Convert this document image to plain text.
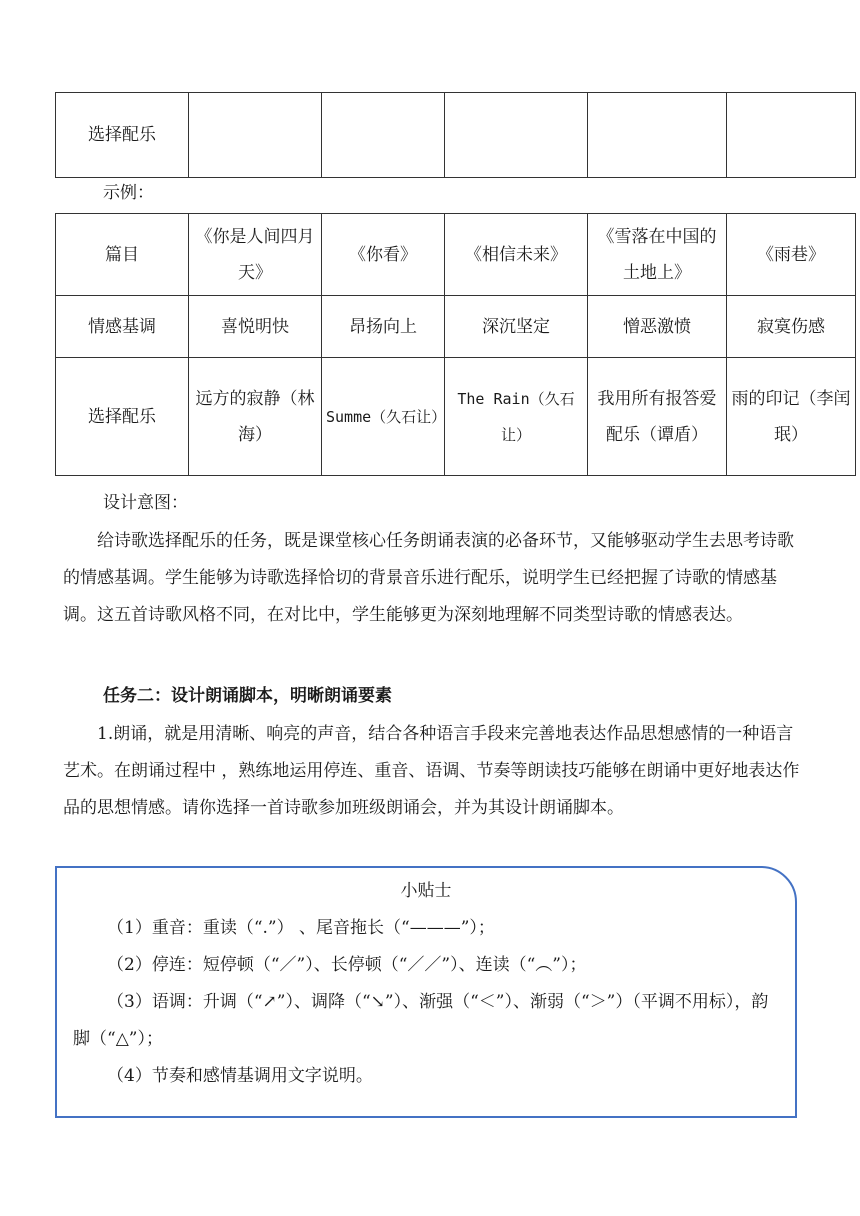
选择配乐					
示例：
篇目	《你是人间四月天》	《你看》	《相信未来》	《雪落在中国的土地上》	《雨巷》
情感基调	喜悦明快	昂扬向上	深沉坚定	憎恶激愤	寂寞伤感
选择配乐	远方的寂静（林海）	Summe（久石让）	The Rain（久石让）	我用所有报答爱配乐（谭盾）	雨的印记（李闰珉）
设计意图：

给诗歌选择配乐的任务，既是课堂核心任务朗诵表演的必备环节，又能够驱动学生去思考诗歌的情感基调。学生能够为诗歌选择恰切的背景音乐进行配乐，说明学生已经把握了诗歌的情感基调。这五首诗歌风格不同，在对比中，学生能够更为深刻地理解不同类型诗歌的情感表达。

任务二：设计朗诵脚本，明晰朗诵要素

1.朗诵，就是用清晰、响亮的声音，结合各种语言手段来完善地表达作品思想感情的一种语言艺术。在朗诵过程中 ，熟练地运用停连、重音、语调、节奏等朗读技巧能够在朗诵中更好地表达作品的思想情感。请你选择一首诗歌参加班级朗诵会，并为其设计朗诵脚本。

小贴士

（1）重音：重读（“.”） 、尾音拖长（“———”）；

（2）停连：短停顿（“／”）、长停顿（“／／”）、连读（“︵”）；

（3）语调：升调（“↗”）、调降（“↘”）、渐强（“＜”）、渐弱（“＞”）（平调不用标），韵脚（“△”）；

（4）节奏和感情基调用文字说明。
